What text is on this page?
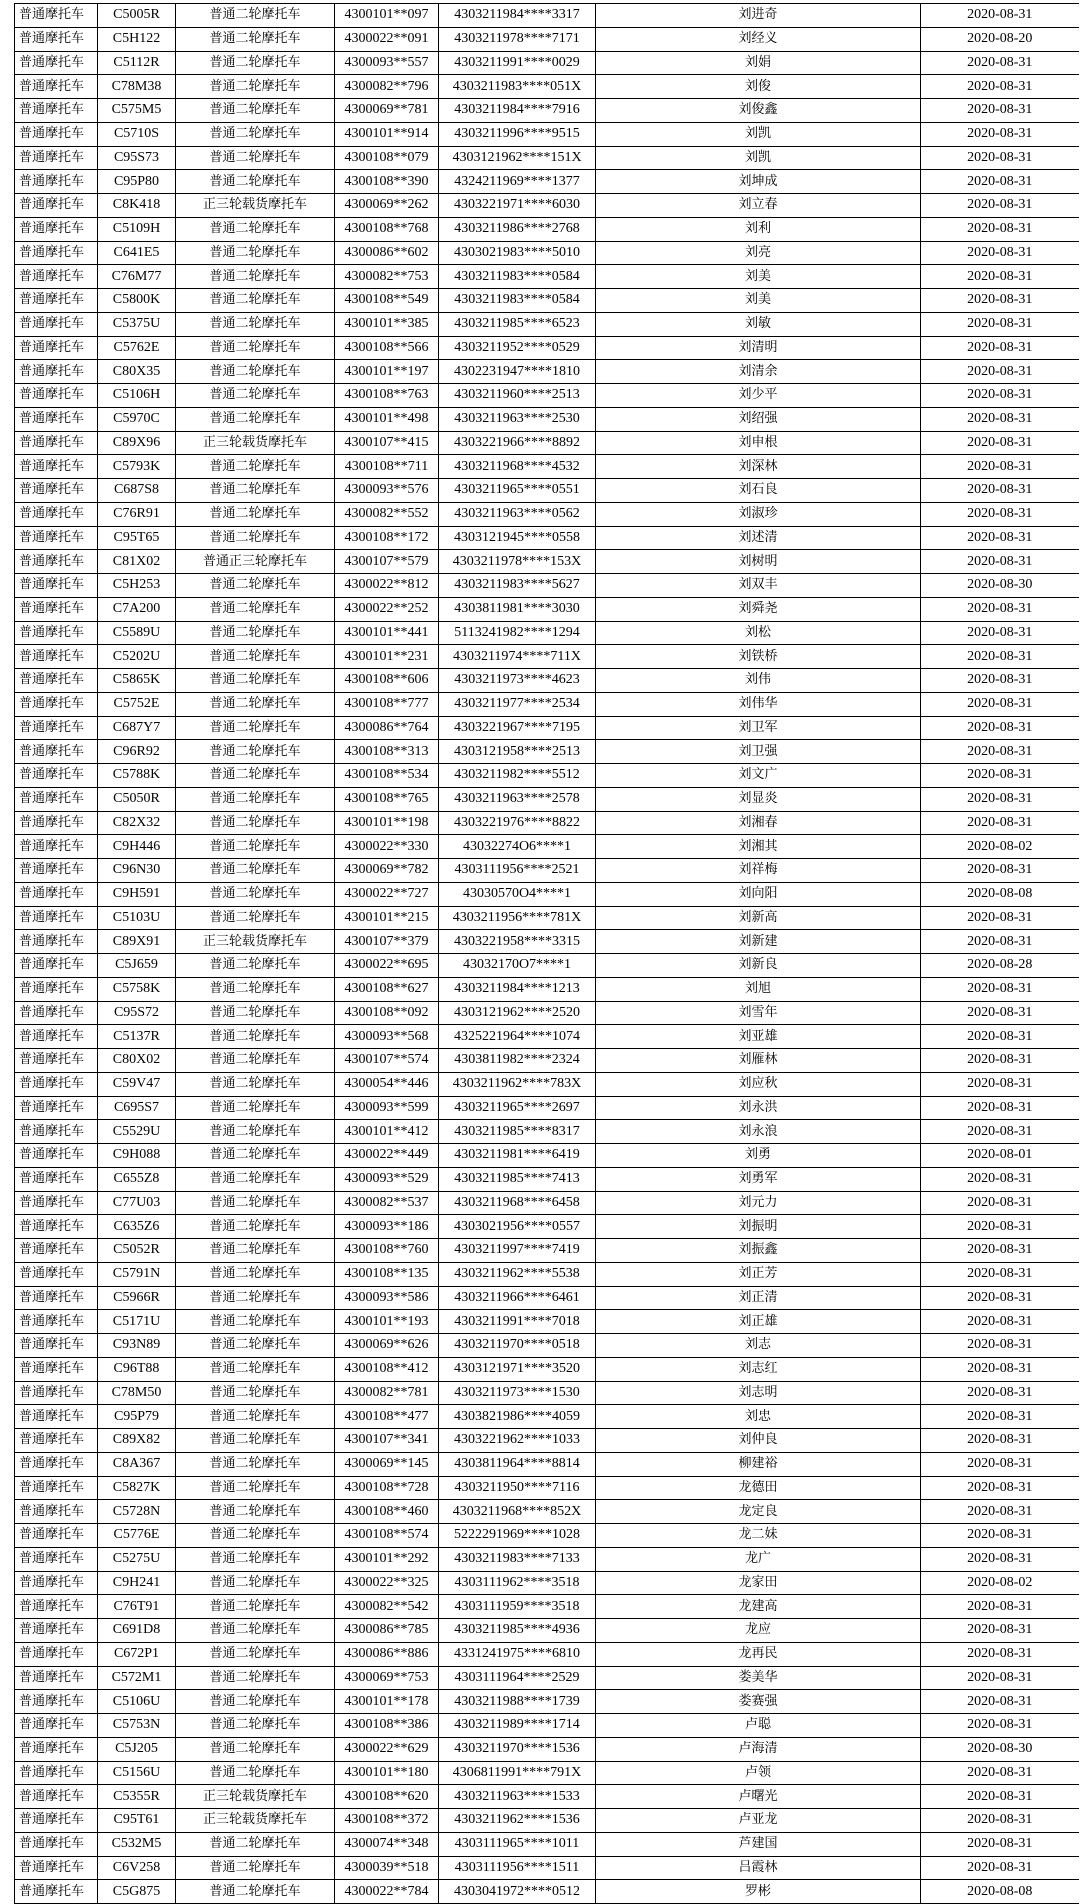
普通摩托车	C5005R	普通二轮摩托车	4300101**097	4303211984****3317	刘进奇	2020-08-31
普通摩托车	C5H122	普通二轮摩托车	4300022**091	4303211978****7171	刘经义	2020-08-20
普通摩托车	C5112R	普通二轮摩托车	4300093**557	4303211991****0029	刘娟	2020-08-31
普通摩托车	C78M38	普通二轮摩托车	4300082**796	4303211983****051X	刘俊	2020-08-31
普通摩托车	C575M5	普通二轮摩托车	4300069**781	4303211984****7916	刘俊鑫	2020-08-31
普通摩托车	C5710S	普通二轮摩托车	4300101**914	4303211996****9515	刘凯	2020-08-31
普通摩托车	C95S73	普通二轮摩托车	4300108**079	4303121962****151X	刘凯	2020-08-31
普通摩托车	C95P80	普通二轮摩托车	4300108**390	4324211969****1377	刘坤成	2020-08-31
普通摩托车	C8K418	正三轮载货摩托车	4300069**262	4303221971****6030	刘立春	2020-08-31
普通摩托车	C5109H	普通二轮摩托车	4300108**768	4303211986****2768	刘利	2020-08-31
普通摩托车	C641E5	普通二轮摩托车	4300086**602	4303021983****5010	刘亮	2020-08-31
普通摩托车	C76M77	普通二轮摩托车	4300082**753	4303211983****0584	刘美	2020-08-31
普通摩托车	C5800K	普通二轮摩托车	4300108**549	4303211983****0584	刘美	2020-08-31
普通摩托车	C5375U	普通二轮摩托车	4300101**385	4303211985****6523	刘敏	2020-08-31
普通摩托车	C5762E	普通二轮摩托车	4300108**566	4303211952****0529	刘清明	2020-08-31
普通摩托车	C80X35	普通二轮摩托车	4300101**197	4302231947****1810	刘清余	2020-08-31
普通摩托车	C5106H	普通二轮摩托车	4300108**763	4303211960****2513	刘少平	2020-08-31
普通摩托车	C5970C	普通二轮摩托车	4300101**498	4303211963****2530	刘绍强	2020-08-31
普通摩托车	C89X96	正三轮载货摩托车	4300107**415	4303221966****8892	刘申根	2020-08-31
普通摩托车	C5793K	普通二轮摩托车	4300108**711	4303211968****4532	刘深林	2020-08-31
普通摩托车	C687S8	普通二轮摩托车	4300093**576	4303211965****0551	刘石良	2020-08-31
普通摩托车	C76R91	普通二轮摩托车	4300082**552	4303211963****0562	刘淑珍	2020-08-31
普通摩托车	C95T65	普通二轮摩托车	4300108**172	4303121945****0558	刘述清	2020-08-31
普通摩托车	C81X02	普通正三轮摩托车	4300107**579	4303211978****153X	刘树明	2020-08-31
普通摩托车	C5H253	普通二轮摩托车	4300022**812	4303211983****5627	刘双丰	2020-08-30
普通摩托车	C7A200	普通二轮摩托车	4300022**252	4303811981****3030	刘舜尧	2020-08-31
普通摩托车	C5589U	普通二轮摩托车	4300101**441	5113241982****1294	刘松	2020-08-31
普通摩托车	C5202U	普通二轮摩托车	4300101**231	4303211974****711X	刘铁桥	2020-08-31
普通摩托车	C5865K	普通二轮摩托车	4300108**606	4303211973****4623	刘伟	2020-08-31
普通摩托车	C5752E	普通二轮摩托车	4300108**777	4303211977****2534	刘伟华	2020-08-31
普通摩托车	C687Y7	普通二轮摩托车	4300086**764	4303221967****7195	刘卫军	2020-08-31
普通摩托车	C96R92	普通二轮摩托车	4300108**313	4303121958****2513	刘卫强	2020-08-31
普通摩托车	C5788K	普通二轮摩托车	4300108**534	4303211982****5512	刘文广	2020-08-31
普通摩托车	C5050R	普通二轮摩托车	4300108**765	4303211963****2578	刘显炎	2020-08-31
普通摩托车	C82X32	普通二轮摩托车	4300101**198	4303221976****8822	刘湘春	2020-08-31
普通摩托车	C9H446	普通二轮摩托车	4300022**330	43032274O6****1	刘湘其	2020-08-02
普通摩托车	C96N30	普通二轮摩托车	4300069**782	4303111956****2521	刘祥梅	2020-08-31
普通摩托车	C9H591	普通二轮摩托车	4300022**727	43030570O4****1	刘向阳	2020-08-08
普通摩托车	C5103U	普通二轮摩托车	4300101**215	4303211956****781X	刘新高	2020-08-31
普通摩托车	C89X91	正三轮载货摩托车	4300107**379	4303221958****3315	刘新建	2020-08-31
普通摩托车	C5J659	普通二轮摩托车	4300022**695	43032170O7****1	刘新良	2020-08-28
普通摩托车	C5758K	普通二轮摩托车	4300108**627	4303211984****1213	刘旭	2020-08-31
普通摩托车	C95S72	普通二轮摩托车	4300108**092	4303121962****2520	刘雪年	2020-08-31
普通摩托车	C5137R	普通二轮摩托车	4300093**568	4325221964****1074	刘亚雄	2020-08-31
普通摩托车	C80X02	普通二轮摩托车	4300107**574	4303811982****2324	刘雁林	2020-08-31
普通摩托车	C59V47	普通二轮摩托车	4300054**446	4303211962****783X	刘应秋	2020-08-31
普通摩托车	C695S7	普通二轮摩托车	4300093**599	4303211965****2697	刘永洪	2020-08-31
普通摩托车	C5529U	普通二轮摩托车	4300101**412	4303211985****8317	刘永浪	2020-08-31
普通摩托车	C9H088	普通二轮摩托车	4300022**449	4303211981****6419	刘勇	2020-08-01
普通摩托车	C655Z8	普通二轮摩托车	4300093**529	4303211985****7413	刘勇军	2020-08-31
普通摩托车	C77U03	普通二轮摩托车	4300082**537	4303211968****6458	刘元力	2020-08-31
普通摩托车	C635Z6	普通二轮摩托车	4300093**186	4303021956****0557	刘振明	2020-08-31
普通摩托车	C5052R	普通二轮摩托车	4300108**760	4303211997****7419	刘振鑫	2020-08-31
普通摩托车	C5791N	普通二轮摩托车	4300108**135	4303211962****5538	刘正芳	2020-08-31
普通摩托车	C5966R	普通二轮摩托车	4300093**586	4303211966****6461	刘正清	2020-08-31
普通摩托车	C5171U	普通二轮摩托车	4300101**193	4303211991****7018	刘正雄	2020-08-31
普通摩托车	C93N89	普通二轮摩托车	4300069**626	4303211970****0518	刘志	2020-08-31
普通摩托车	C96T88	普通二轮摩托车	4300108**412	4303121971****3520	刘志红	2020-08-31
普通摩托车	C78M50	普通二轮摩托车	4300082**781	4303211973****1530	刘志明	2020-08-31
普通摩托车	C95P79	普通二轮摩托车	4300108**477	4303821986****4059	刘忠	2020-08-31
普通摩托车	C89X82	普通二轮摩托车	4300107**341	4303221962****1033	刘仲良	2020-08-31
普通摩托车	C8A367	普通二轮摩托车	4300069**145	4303811964****8814	柳建裕	2020-08-31
普通摩托车	C5827K	普通二轮摩托车	4300108**728	4303211950****7116	龙德田	2020-08-31
普通摩托车	C5728N	普通二轮摩托车	4300108**460	4303211968****852X	龙定良	2020-08-31
普通摩托车	C5776E	普通二轮摩托车	4300108**574	5222291969****1028	龙二妹	2020-08-31
普通摩托车	C5275U	普通二轮摩托车	4300101**292	4303211983****7133	龙广	2020-08-31
普通摩托车	C9H241	普通二轮摩托车	4300022**325	4303111962****3518	龙家田	2020-08-02
普通摩托车	C76T91	普通二轮摩托车	4300082**542	4303111959****3518	龙建高	2020-08-31
普通摩托车	C691D8	普通二轮摩托车	4300086**785	4303211985****4936	龙应	2020-08-31
普通摩托车	C672P1	普通二轮摩托车	4300086**886	4331241975****6810	龙再民	2020-08-31
普通摩托车	C572M1	普通二轮摩托车	4300069**753	4303111964****2529	娄美华	2020-08-31
普通摩托车	C5106U	普通二轮摩托车	4300101**178	4303211988****1739	娄赛强	2020-08-31
普通摩托车	C5753N	普通二轮摩托车	4300108**386	4303211989****1714	卢聪	2020-08-31
普通摩托车	C5J205	普通二轮摩托车	4300022**629	4303211970****1536	卢海清	2020-08-30
普通摩托车	C5156U	普通二轮摩托车	4300101**180	4306811991****791X	卢领	2020-08-31
普通摩托车	C5355R	正三轮载货摩托车	4300108**620	4303211963****1533	卢曙光	2020-08-31
普通摩托车	C95T61	正三轮载货摩托车	4300108**372	4303211962****1536	卢亚龙	2020-08-31
普通摩托车	C532M5	普通二轮摩托车	4300074**348	4303111965****1011	芦建国	2020-08-31
普通摩托车	C6V258	普通二轮摩托车	4300039**518	4303111956****1511	吕霞林	2020-08-31
普通摩托车	C5G875	普通二轮摩托车	4300022**784	4303041972****0512	罗彬	2020-08-08
